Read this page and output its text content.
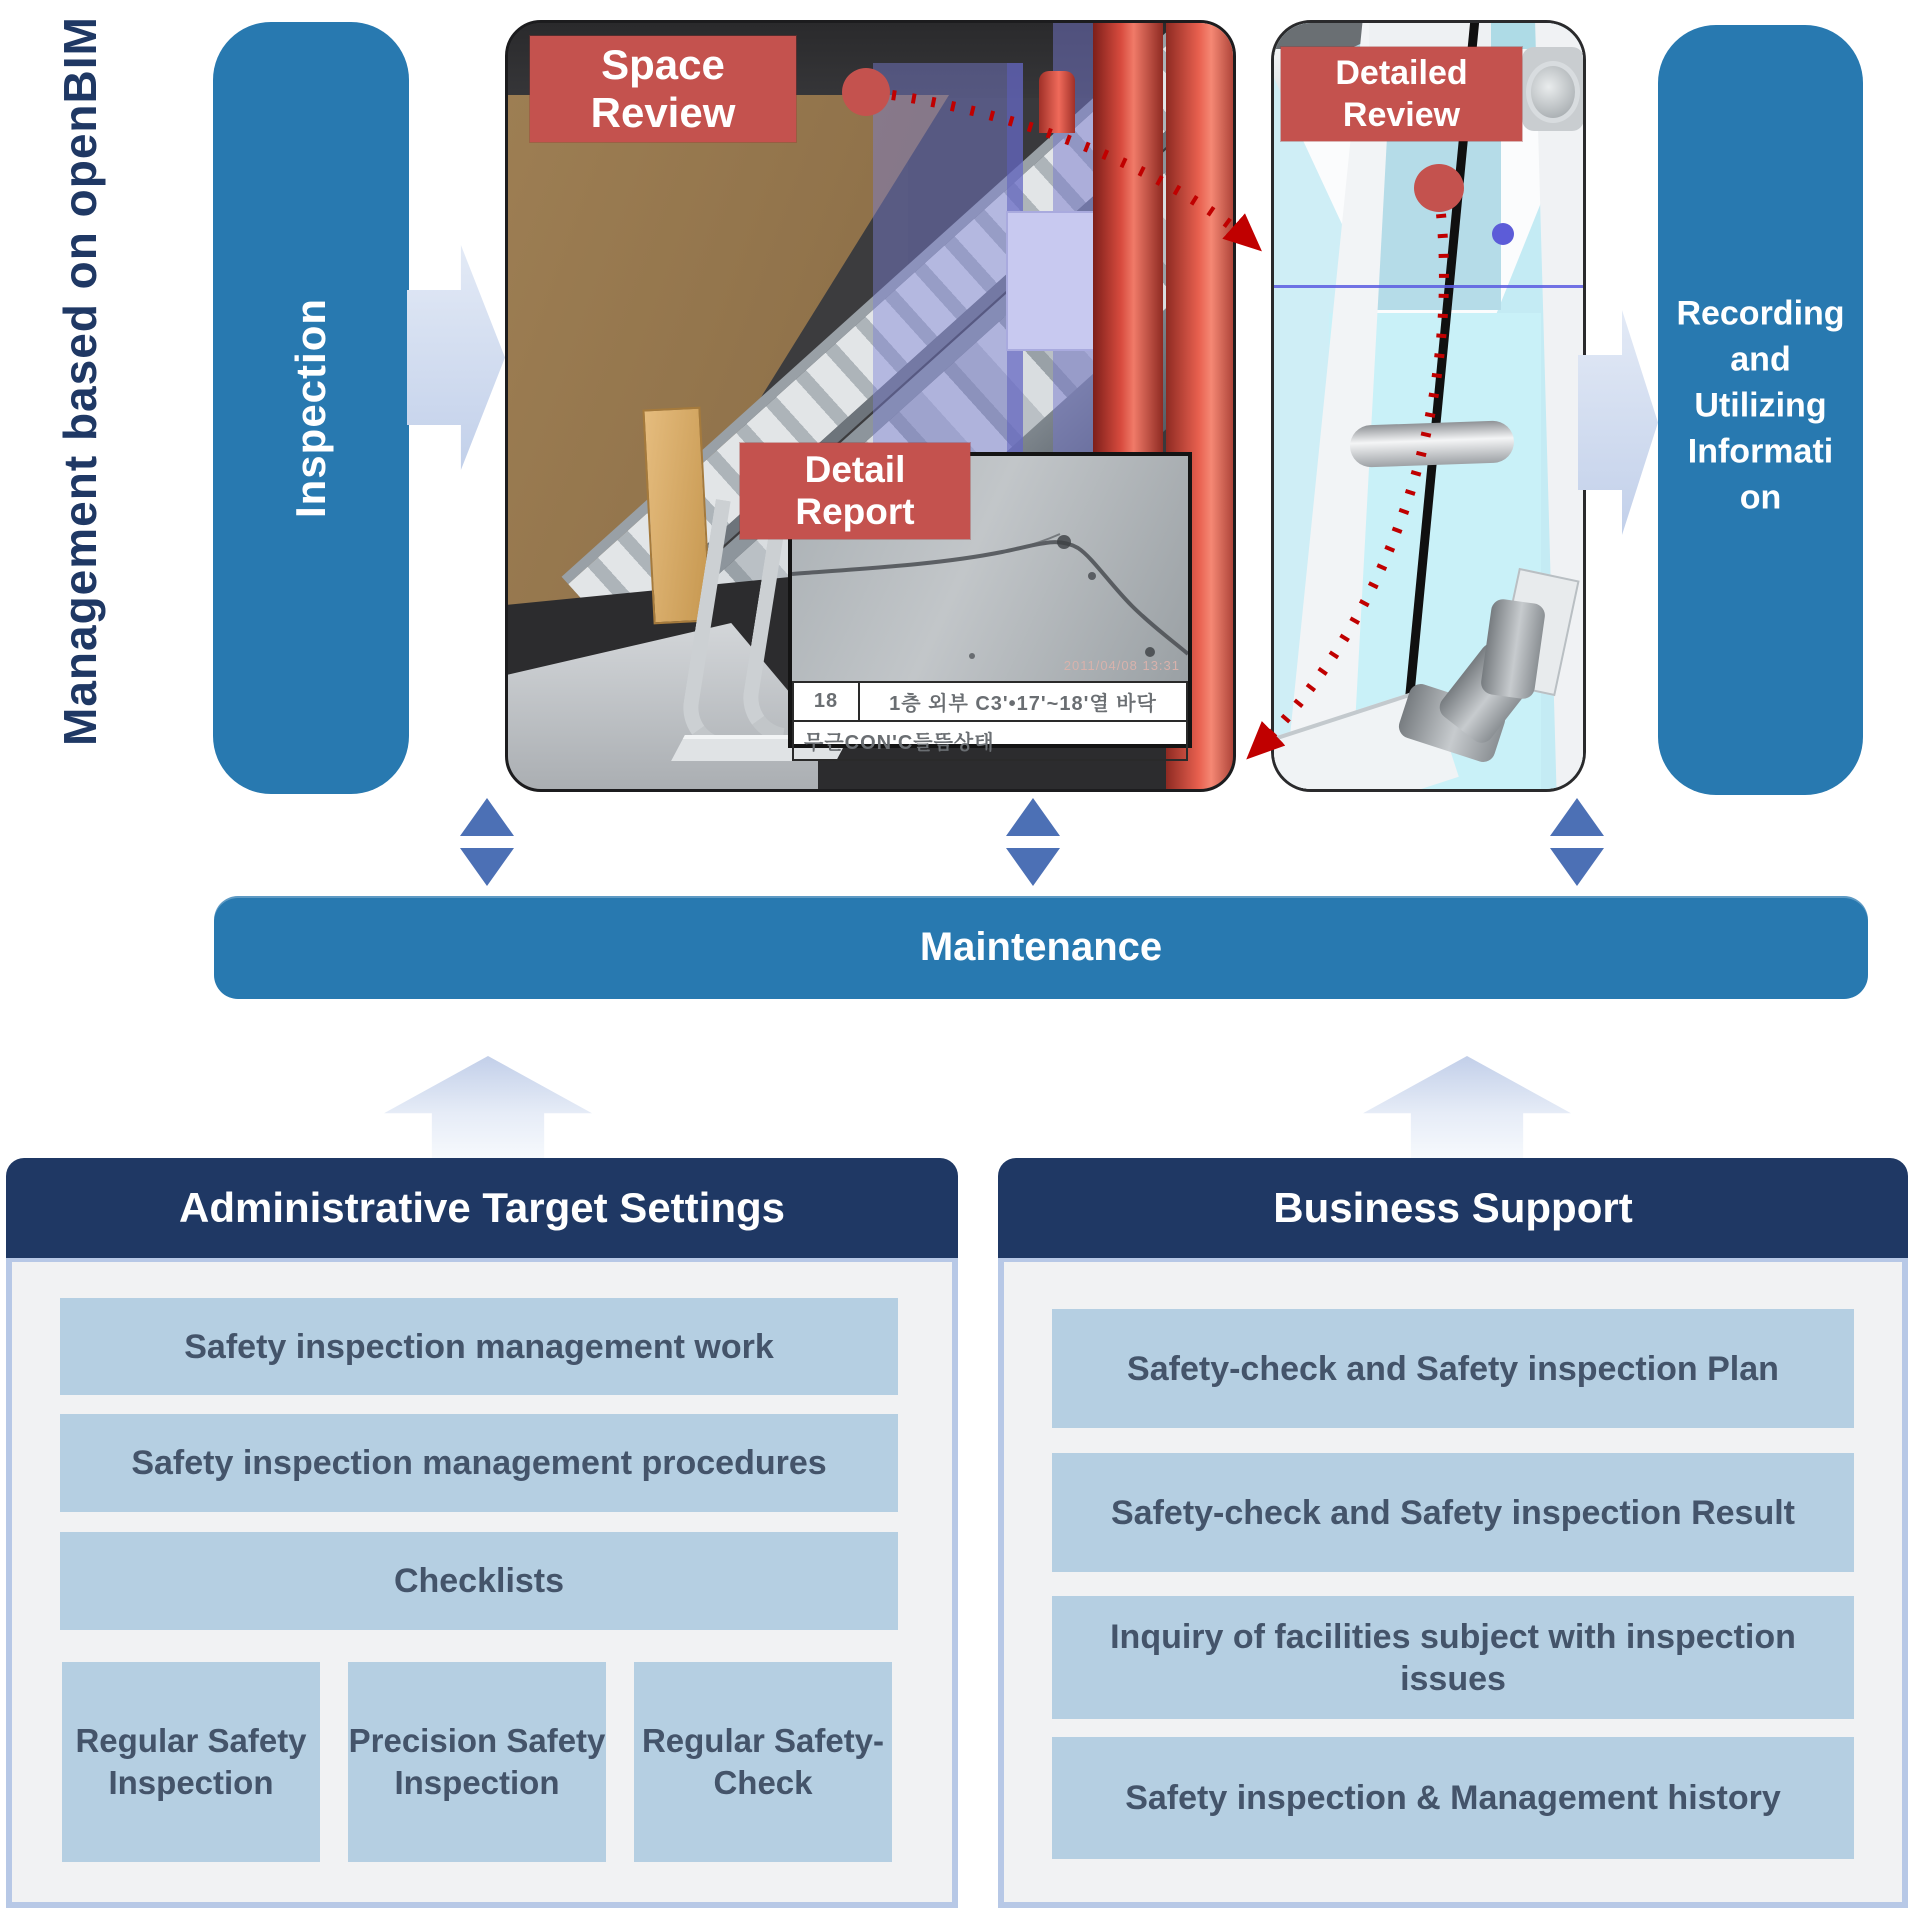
Management based on openBIM	Inspection	Recording
and
Utilizing
Informati
on
2011/04/08 13:31
18	1층 외부 C3'•17'~18'열 바닥
무근CON'C들뜸상태
Space Review
Detail Report
Detailed
Review
Maintenance
Administrative Target Settings
Safety inspection management work
Safety inspection management procedures
Checklists
Regular Safety Inspection
Precision Safety Inspection
Regular Safety-Check
Business Support
Safety-check and Safety inspection Plan
Safety-check and Safety inspection Result
Inquiry of facilities subject with inspection issues
Safety inspection & Management history
